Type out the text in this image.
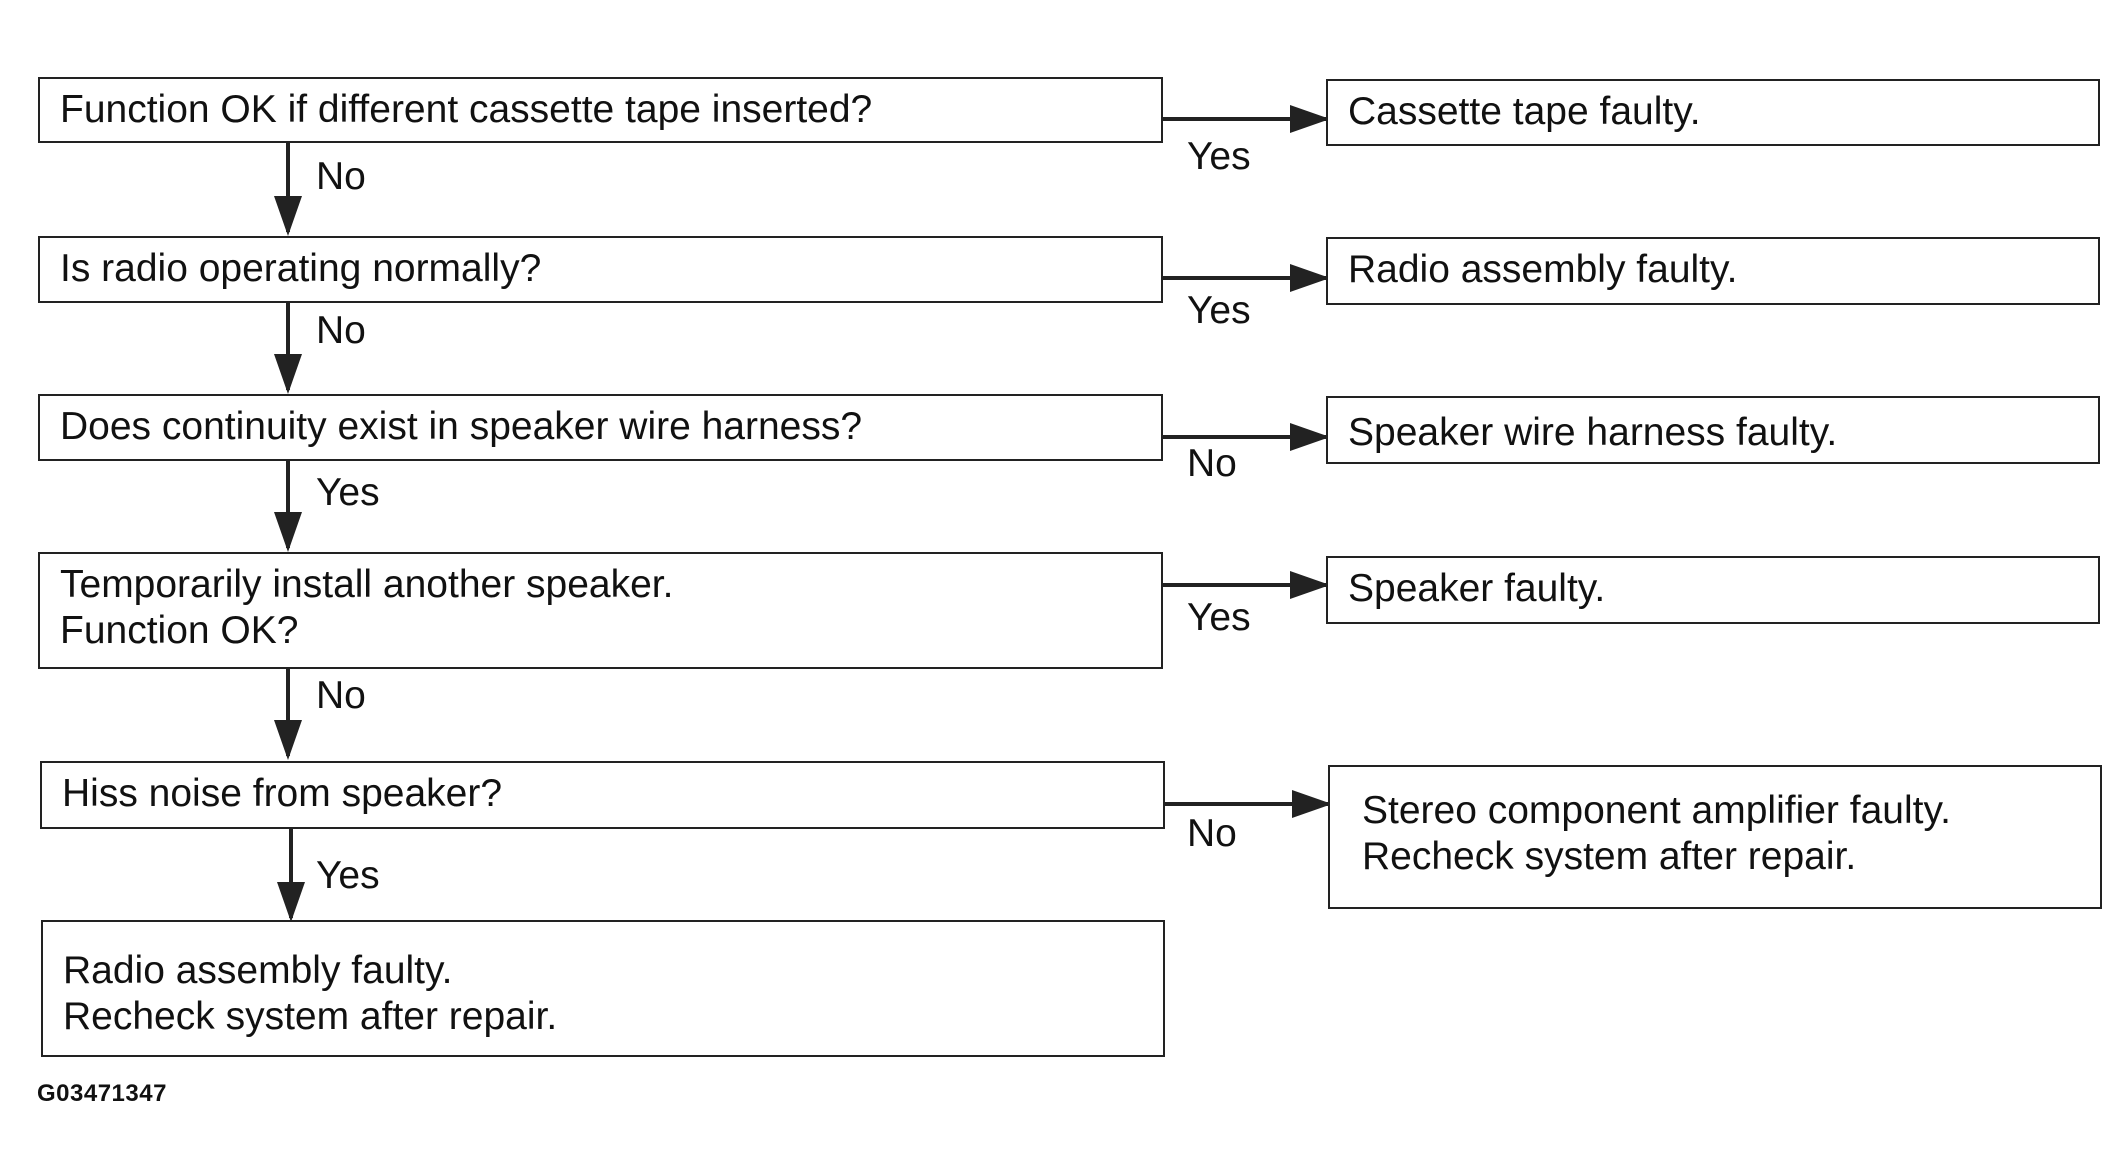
Function OK if different cassette tape inserted?
Is radio operating normally?
Does continuity exist in speaker wire harness?
Temporarily install another speaker.
Function OK?
Hiss noise from speaker?
Radio assembly faulty.
Recheck system after repair.
Cassette tape faulty.
Radio assembly faulty.
Speaker wire harness faulty.
Speaker faulty.
Stereo component amplifier faulty.
Recheck system after repair.
No
No
Yes
No
Yes
Yes
Yes
No
Yes
No
G03471347
